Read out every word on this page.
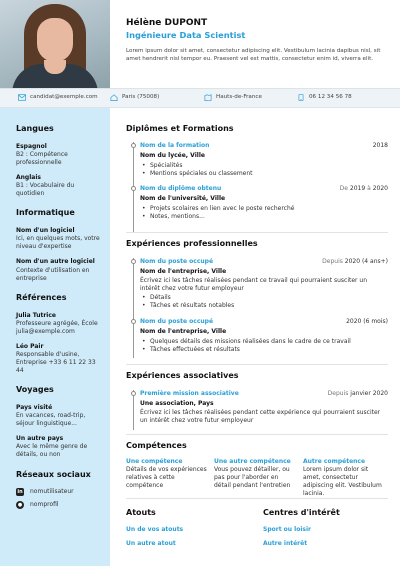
Hélène DUPONT
Ingénieure Data Scientist
Lorem ipsum dolor sit amet, consectetur adipiscing elit. Vestibulum lacinia dapibus nisl, sit amet hendrerit nisl tempor eu. Praesent vel est mattis, consectetur enim id, viverra elit.
candidat@exemple.com	Paris (75008)	Hauts-de-France	06 12 34 56 78
Langues
Espagnol
B2 : Compétence professionnelle
Anglais
B1 : Vocabulaire du quotidien
Informatique
Nom d'un logiciel
Ici, en quelques mots, votre niveau d'expertise
Nom d'un autre logiciel
Contexte d'utilisation en entreprise
Références
Julia Tutrice
Professeure agrégée, École julia@exemple.com
Léo Pair
Responsable d'usine, Entreprise +33 6 11 22 33 44
Voyages
Pays visité
En vacances, road-trip, séjour linguistique...
Un autre pays
Avec le même genre de détails, ou non
Réseaux sociaux
in nomutilisateur
●	nomprofil
Diplômes et Formations
Nom de la formation	2018
Nom du lycée, Ville
• Spécialités
• Mentions spéciales ou classement
Nom du diplôme obtenu	De 2019 à 2020
Nom de l'université, Ville
• Projets scolaires en lien avec le poste recherché
• Notes, mentions...
Expériences professionnelles
Nom du poste occupé	Depuis 2020 (4 ans+)
Nom de l'entreprise, Ville
Écrivez ici les tâches réalisées pendant ce travail qui pourraient susciter un intérêt chez votre futur employeur
• Détails
• Tâches et résultats notables
Nom du poste occupé	2020 (6 mois)
Nom de l'entreprise, Ville
• Quelques détails des missions réalisées dans le cadre de ce travail
• Tâches effectuées et résultats
Expériences associatives
Première mission associative	Depuis janvier 2020
Une association, Pays
Écrivez ici les tâches réalisées pendant cette expérience qui pourraient susciter un intérêt chez votre futur employeur
Compétences
Une compétence
Détails de vos expériences relatives à cette compétence
Une autre compétence
Vous pouvez détailler, ou pas pour l'aborder en détail pendant l'entretien
Autre compétence
Lorem ipsum dolor sit amet, consectetur adipiscing elit. Vestibulum lacinia.
Atouts
Un de vos atouts
Un autre atout
Centres d'intérêt
Sport ou loisir
Autre intérêt
